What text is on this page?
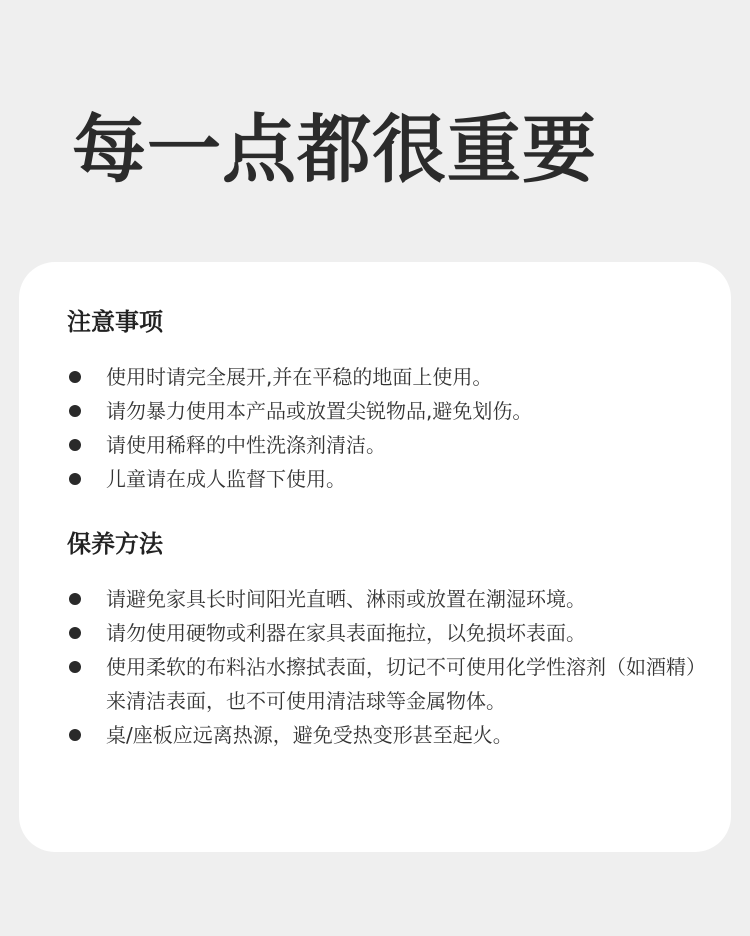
每一点都很重要
注意事项
使用时请完全展开,并在平稳的地面上使用。
请勿暴力使用本产品或放置尖锐物品,避免划伤。
请使用稀释的中性洗涤剂清洁。
儿童请在成人监督下使用。
保养方法
请避免家具长时间阳光直晒、淋雨或放置在潮湿环境。
请勿使用硬物或利器在家具表面拖拉，以免损坏表面。
使用柔软的布料沾水擦拭表面，切记不可使用化学性溶剂（如酒精）来清洁表面，也不可使用清洁球等金属物体。
桌/座板应远离热源，避免受热变形甚至起火。
